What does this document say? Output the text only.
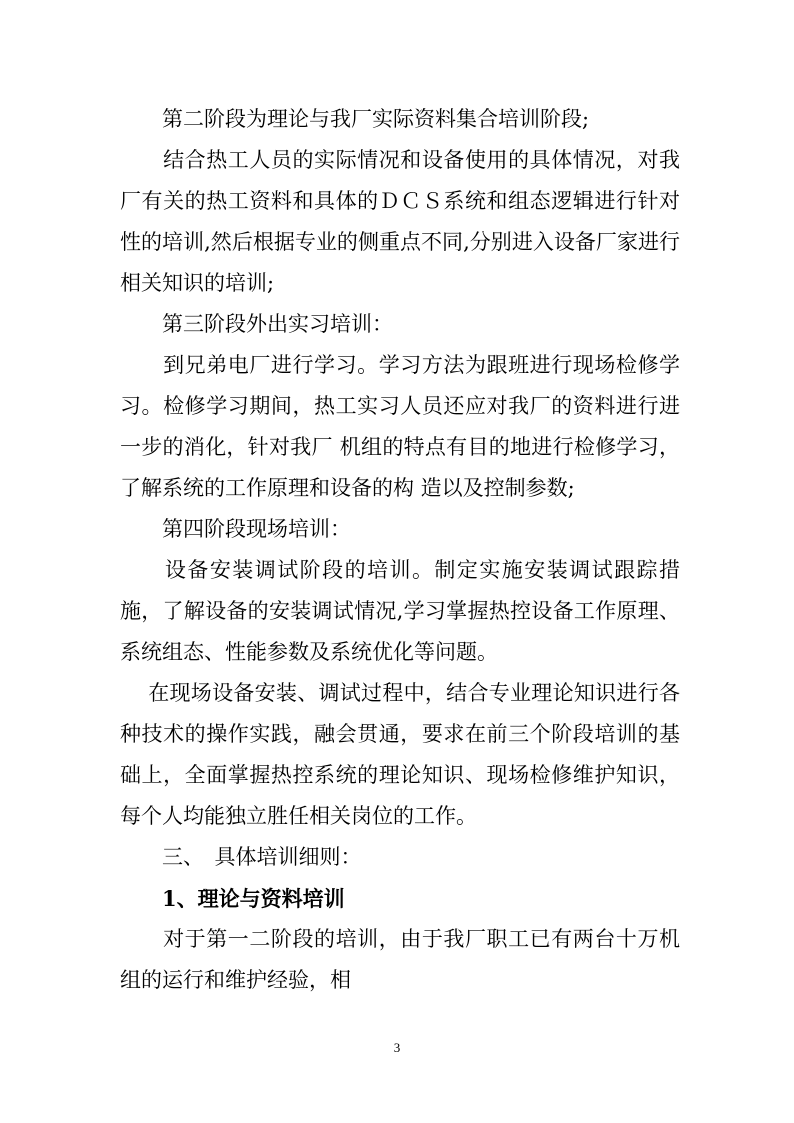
　　第二阶段为理论与我厂实际资料集合培训阶段;

　　结合热工人员的实际情况和设备使用的具体情况，对我厂有关的热工资料和具体的ＤＣＳ系统和组态逻辑进行针对性的培训,然后根据专业的侧重点不同,分别进入设备厂家进行相关知识的培训;

　　第三阶段外出实习培训：

　　到兄弟电厂进行学习。学习方法为跟班进行现场检修学习。检修学习期间，热工实习人员还应对我厂的资料进行进一步的消化，针对我厂 机组的特点有目的地进行检修学习，了解系统的工作原理和设备的构 造以及控制参数;

　　第四阶段现场培训：

　　设备安装调试阶段的培训。制定实施安装调试跟踪措施，了解设备的安装调试情况,学习掌握热控设备工作原理、系统组态、性能参数及系统优化等问题。

　在现场设备安装、调试过程中，结合专业理论知识进行各种技术的操作实践，融会贯通，要求在前三个阶段培训的基础上，全面掌握热控系统的理论知识、现场检修维护知识，每个人均能独立胜任相关岗位的工作。

　　三、　具体培训细则：

　　1、理论与资料培训

　　对于第一二阶段的培训，由于我厂职工已有两台十万机组的运行和维护经验，相

3
